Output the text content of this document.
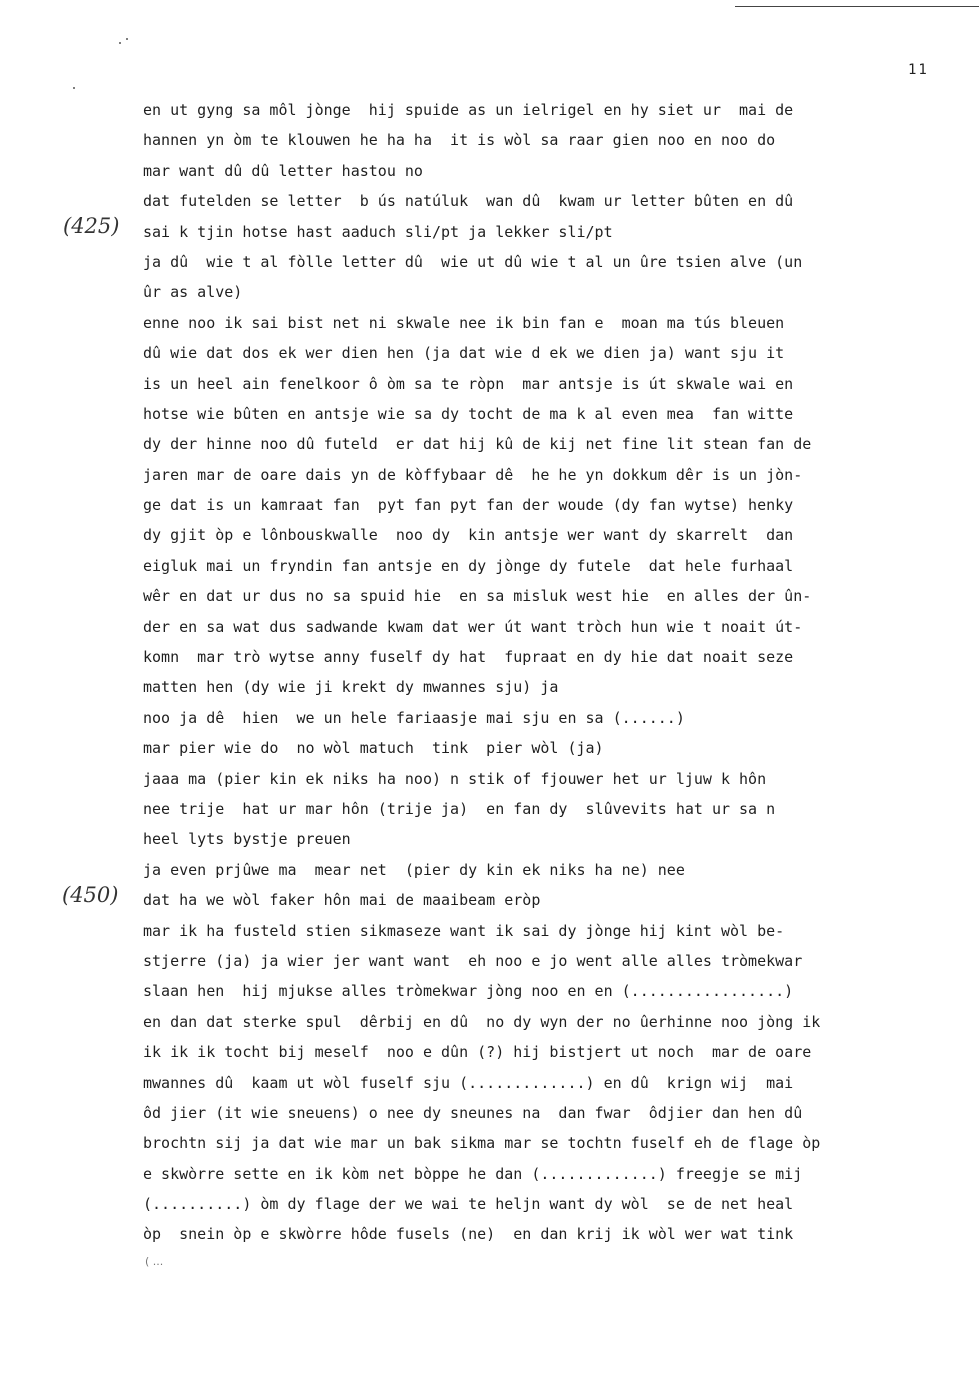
11
(425)
(450)
en ut gyng sa môl jònge  hij spuide as un ielrigel en hy siet ur  mai de
hannen yn òm te klouwen he ha ha  it is wòl sa raar gien noo en noo do
mar want dû dû letter hastou no
dat futelden se letter  b ús natúluk  wan dû  kwam ur letter bûten en dû
sai k tjin hotse hast aaduch sli/pt ja lekker sli/pt
ja dû  wie t al fòlle letter dû  wie ut dû wie t al un ûre tsien alve (un
ûr as alve)
enne noo ik sai bist net ni skwale nee ik bin fan e  moan ma tús bleuen
dû wie dat dos ek wer dien hen (ja dat wie d ek we dien ja) want sju it
is un heel ain fenelkoor ô òm sa te ròpn  mar antsje is út skwale wai en
hotse wie bûten en antsje wie sa dy tocht de ma k al even mea  fan witte
dy der hinne noo dû futeld  er dat hij kû de kij net fine lit stean fan de
jaren mar de oare dais yn de kòffybaar dê  he he yn dokkum dêr is un jòn-
ge dat is un kamraat fan  pyt fan pyt fan der woude (dy fan wytse) henky
dy gjit òp e lônbouskwalle  noo dy  kin antsje wer want dy skarrelt  dan
eigluk mai un fryndin fan antsje en dy jònge dy futele  dat hele furhaal
wêr en dat ur dus no sa spuid hie  en sa misluk west hie  en alles der ûn-
der en sa wat dus sadwande kwam dat wer út want tròch hun wie t noait út-
komn  mar trò wytse anny fuself dy hat  fupraat en dy hie dat noait seze
matten hen (dy wie ji krekt dy mwannes sju) ja
noo ja dê  hien  we un hele fariaasje mai sju en sa (......)
mar pier wie do  no wòl matuch  tink  pier wòl (ja)
jaaa ma (pier kin ek niks ha noo) n stik of fjouwer het ur ljuw k hôn
nee trije  hat ur mar hôn (trije ja)  en fan dy  slûvevits hat ur sa n
heel lyts bystje preuen
ja even prjûwe ma  mear net  (pier dy kin ek niks ha ne) nee
dat ha we wòl faker hôn mai de maaibeam eròp
mar ik ha fusteld stien sikmaseze want ik sai dy jònge hij kint wòl be-
stjerre (ja) ja wier jer want want  eh noo e jo went alle alles tròmekwar
slaan hen  hij mjukse alles tròmekwar jòng noo en en (.................)
en dan dat sterke spul  dêrbij en dû  no dy wyn der no ûerhinne noo jòng ik
ik ik ik tocht bij meself  noo e dûn (?) hij bistjert ut noch  mar de oare
mwannes dû  kaam ut wòl fuself sju (.............) en dû  krign wij  mai
ôd jier (it wie sneuens) o nee dy sneunes na  dan fwar  ôdjier dan hen dû
brochtn sij ja dat wie mar un bak sikma mar se tochtn fuself eh de flage òp
e skwòrre sette en ik kòm net bòppe he dan (.............) freegje se mij
(..........) òm dy flage der we wai te heljn want dy wòl  se de net heal
òp  snein òp e skwòrre hôde fusels (ne)  en dan krij ik wòl wer wat tink
( ...
